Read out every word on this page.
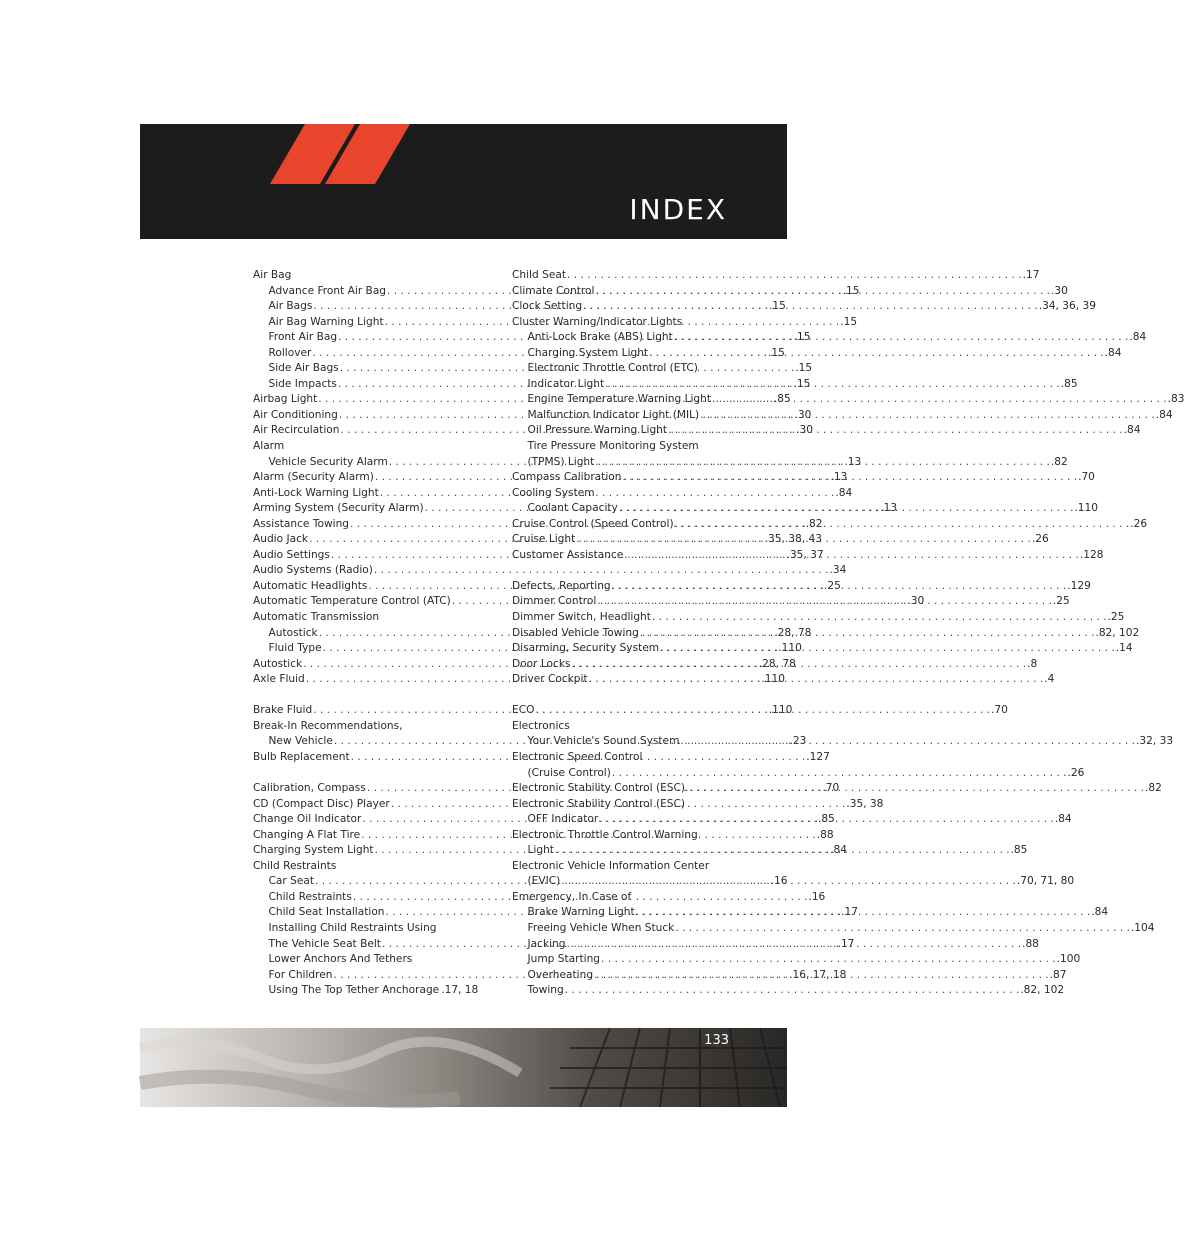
INDEX
Air Bag
Advance Front Air Bag . . .	.15
Air Bags . . .	.15
Air Bag Warning Light . . .	.15
Front Air Bag . . .	.15
Rollover . . .	.15
Side Air Bags . . .	.15
Side Impacts . . .	.15
Airbag Light . . .	.85
Air Conditioning . . .	.30
Air Recirculation . . .	.30
Alarm
Vehicle Security Alarm . . .	.13
Alarm (Security Alarm) . . .	.13
Anti-Lock Warning Light . . .	.84
Arming System (Security Alarm) . . .	.13
Assistance Towing . . .	.82
Audio Jack . . .	.35, 38, 43
Audio Settings . . .	.35, 37
Audio Systems (Radio) . . .	.34
Automatic Headlights . . .	.25
Automatic Temperature Control (ATC) . . .	.30
Automatic Transmission
Autostick . . .	.28, 78
Fluid Type . . .	.110
Autostick . . .	.28, 78
Axle Fluid . . .	.110
Brake Fluid . . .	.110
Break-In Recommendations,
New Vehicle . . .	.23
Bulb Replacement . . .	.127
Calibration, Compass . . .	.70
CD (Compact Disc) Player . . .	.35, 38
Change Oil Indicator . . .	.85
Changing A Flat Tire . . .	.88
Charging System Light . . .	.84
Child Restraints
Car Seat . . .	.16
Child Restraints . . .	.16
Child Seat Installation . . .	.17
Installing Child Restraints Using
The Vehicle Seat Belt . . .	.17
Lower Anchors And Tethers
For Children . . .	.16, 17, 18
Using The Top Tether Anchorage . . . .17, 18
Child Seat . . .	.17
Climate Control . . .	.30
Clock Setting . . .	.34, 36, 39
Cluster Warning/Indicator Lights
Anti-Lock Brake (ABS) Light . . .	.84
Charging System Light . . .	.84
Electronic Throttle Control (ETC)
Indicator Light . . .	.85
Engine Temperature Warning Light . . .	.83
Malfunction Indicator Light (MIL) . . .	.84
Oil Pressure Warning Light . . .	.84
Tire Pressure Monitoring System
(TPMS) Light . . .	.82
Compass Calibration . . .	.70
Cooling System
Coolant Capacity . . .	.110
Cruise Control (Speed Control) . . .	.26
Cruise Light . . .	.26
Customer Assistance . . .	.128
Defects, Reporting . . .	.129
Dimmer Control . . .	.25
Dimmer Switch, Headlight . . .	.25
Disabled Vehicle Towing . . .	.82, 102
Disarming, Security System . . .	.14
Door Locks . . .	.8
Driver Cockpit . . .	.4
ECO . . .	.70
Electronics
Your Vehicle's Sound System . . .	.32, 33
Electronic Speed Control
(Cruise Control) . . .	.26
Electronic Stability Control (ESC). . . .	.82
Electronic Stability Control (ESC)
OFF Indicator . . .	.84
Electronic Throttle Control Warning
Light . . .	.85
Electronic Vehicle Information Center
(EVIC) . . .	.70, 71, 80
Emergency, In Case of
Brake Warning Light . . .	.84
Freeing Vehicle When Stuck . . .	.104
Jacking . . .	.88
Jump Starting . . .	.100
Overheating . . .	.87
Towing . . .	.82, 102
133
